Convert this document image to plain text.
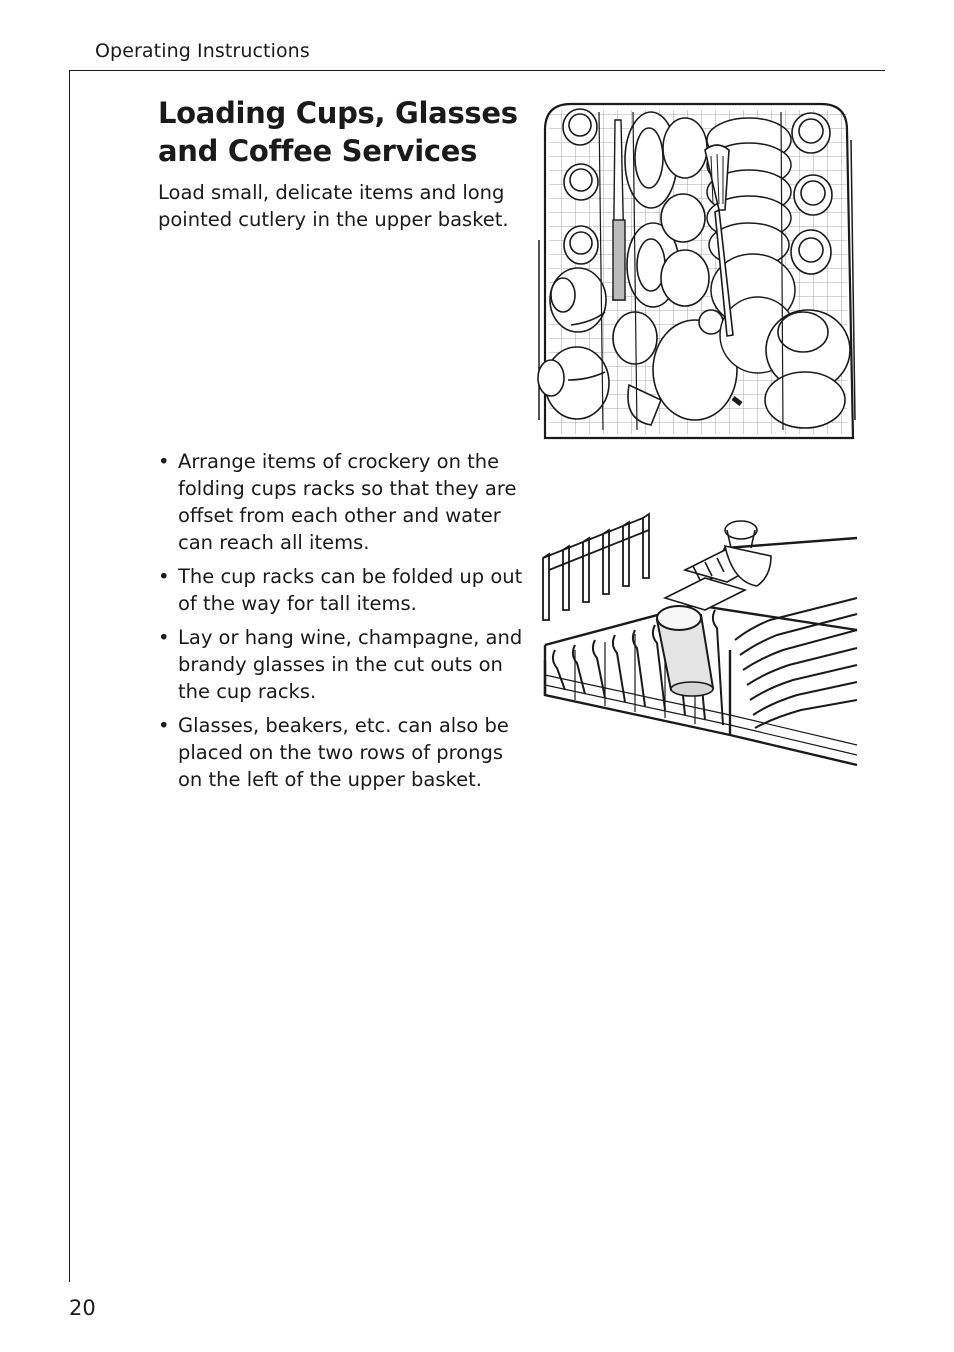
Operating Instructions
Loading Cups, Glasses and Coffee Services

Load small, delicate items and long pointed cutlery in the upper basket.

• Arrange items of crockery on the folding cups racks so that they are offset from each other and water can reach all items.
• The cup racks can be folded up out of the way for tall items.
• Lay or hang wine, champagne, and brandy glasses in the cut outs on the cup racks.
• Glasses, beakers, etc. can also be placed on the two rows of prongs on the left of the upper basket.
20
